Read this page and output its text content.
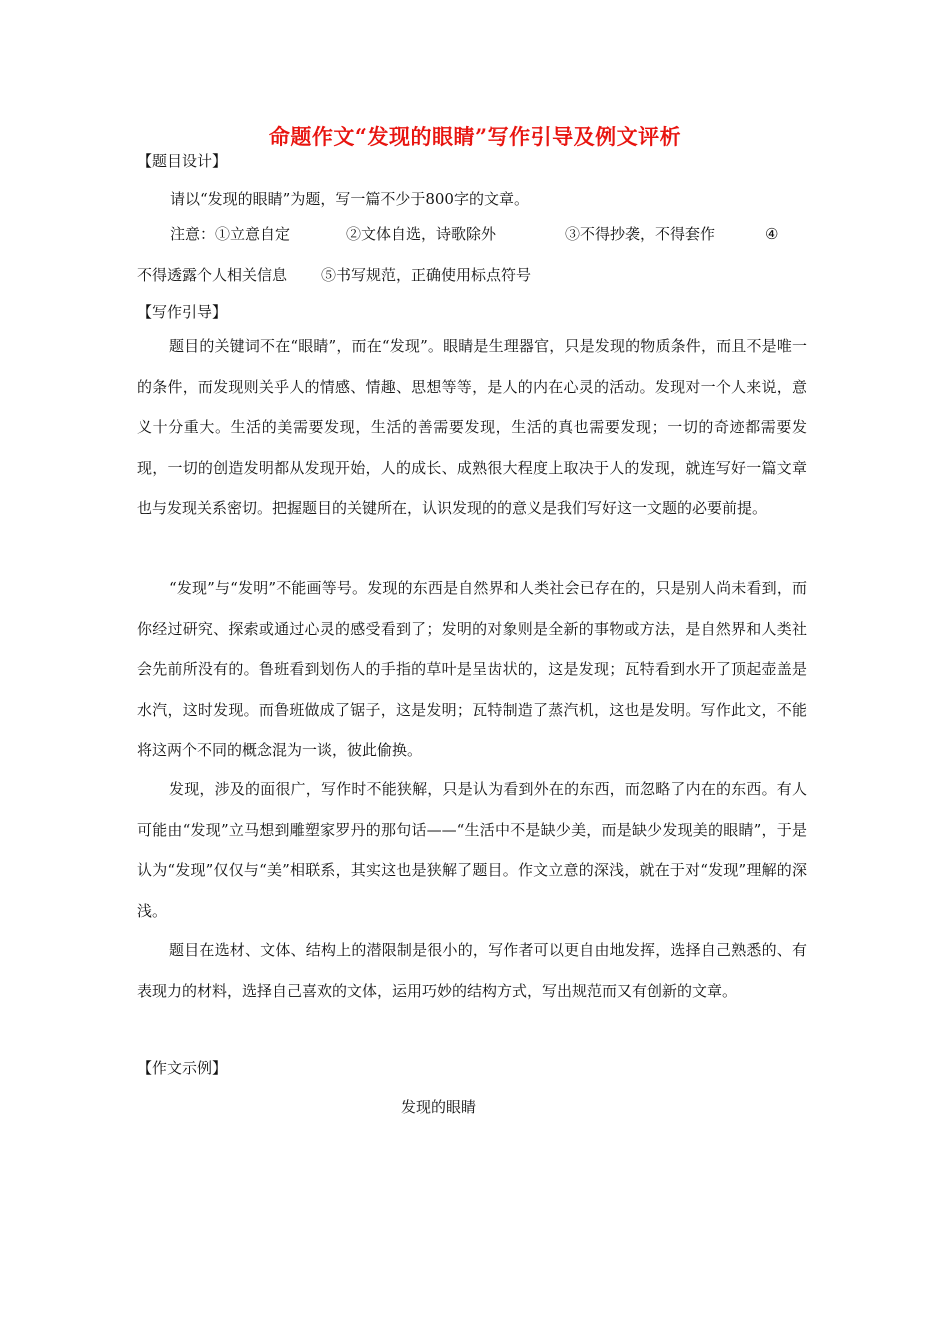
命题作文“发现的眼睛”写作引导及例文评析
【题目设计】
请以“发现的眼睛”为题，写一篇不少于800字的文章。
注意： ①立意自定	②文体自选，诗歌除外	③不得抄袭，不得套作	④
不得透露个人相关信息 ⑤书写规范，正确使用标点符号
【写作引导】

题目的关键词不在“眼睛”，而在“发现”。眼睛是生理器官，只是发现的物质条件，而且不是唯一的条件，而发现则关乎人的情感、情趣、思想等等，是人的内在心灵的活动。发现对一个人来说，意义十分重大。生活的美需要发现，生活的善需要发现，生活的真也需要发现；一切的奇迹都需要发现，一切的创造发明都从发现开始，人的成长、成熟很大程度上取决于人的发现，就连写好一篇文章也与发现关系密切。把握题目的关键所在，认识发现的的意义是我们写好这一文题的必要前提。

“发现”与“发明”不能画等号。发现的东西是自然界和人类社会已存在的，只是别人尚未看到，而你经过研究、探索或通过心灵的感受看到了；发明的对象则是全新的事物或方法，是自然界和人类社会先前所没有的。鲁班看到划伤人的手指的草叶是呈齿状的，这是发现；瓦特看到水开了顶起壶盖是水汽，这时发现。而鲁班做成了锯子，这是发明；瓦特制造了蒸汽机，这也是发明。写作此文，不能将这两个不同的概念混为一谈，彼此偷换。

发现，涉及的面很广，写作时不能狭解，只是认为看到外在的东西，而忽略了内在的东西。有人可能由“发现”立马想到雕塑家罗丹的那句话——“生活中不是缺少美，而是缺少发现美的眼睛”，于是认为“发现”仅仅与“美”相联系，其实这也是狭解了题目。作文立意的深浅，就在于对“发现”理解的深浅。

题目在选材、文体、结构上的潜限制是很小的，写作者可以更自由地发挥，选择自己熟悉的、有表现力的材料，选择自己喜欢的文体，运用巧妙的结构方式，写出规范而又有创新的文章。

【作文示例】
发现的眼睛
